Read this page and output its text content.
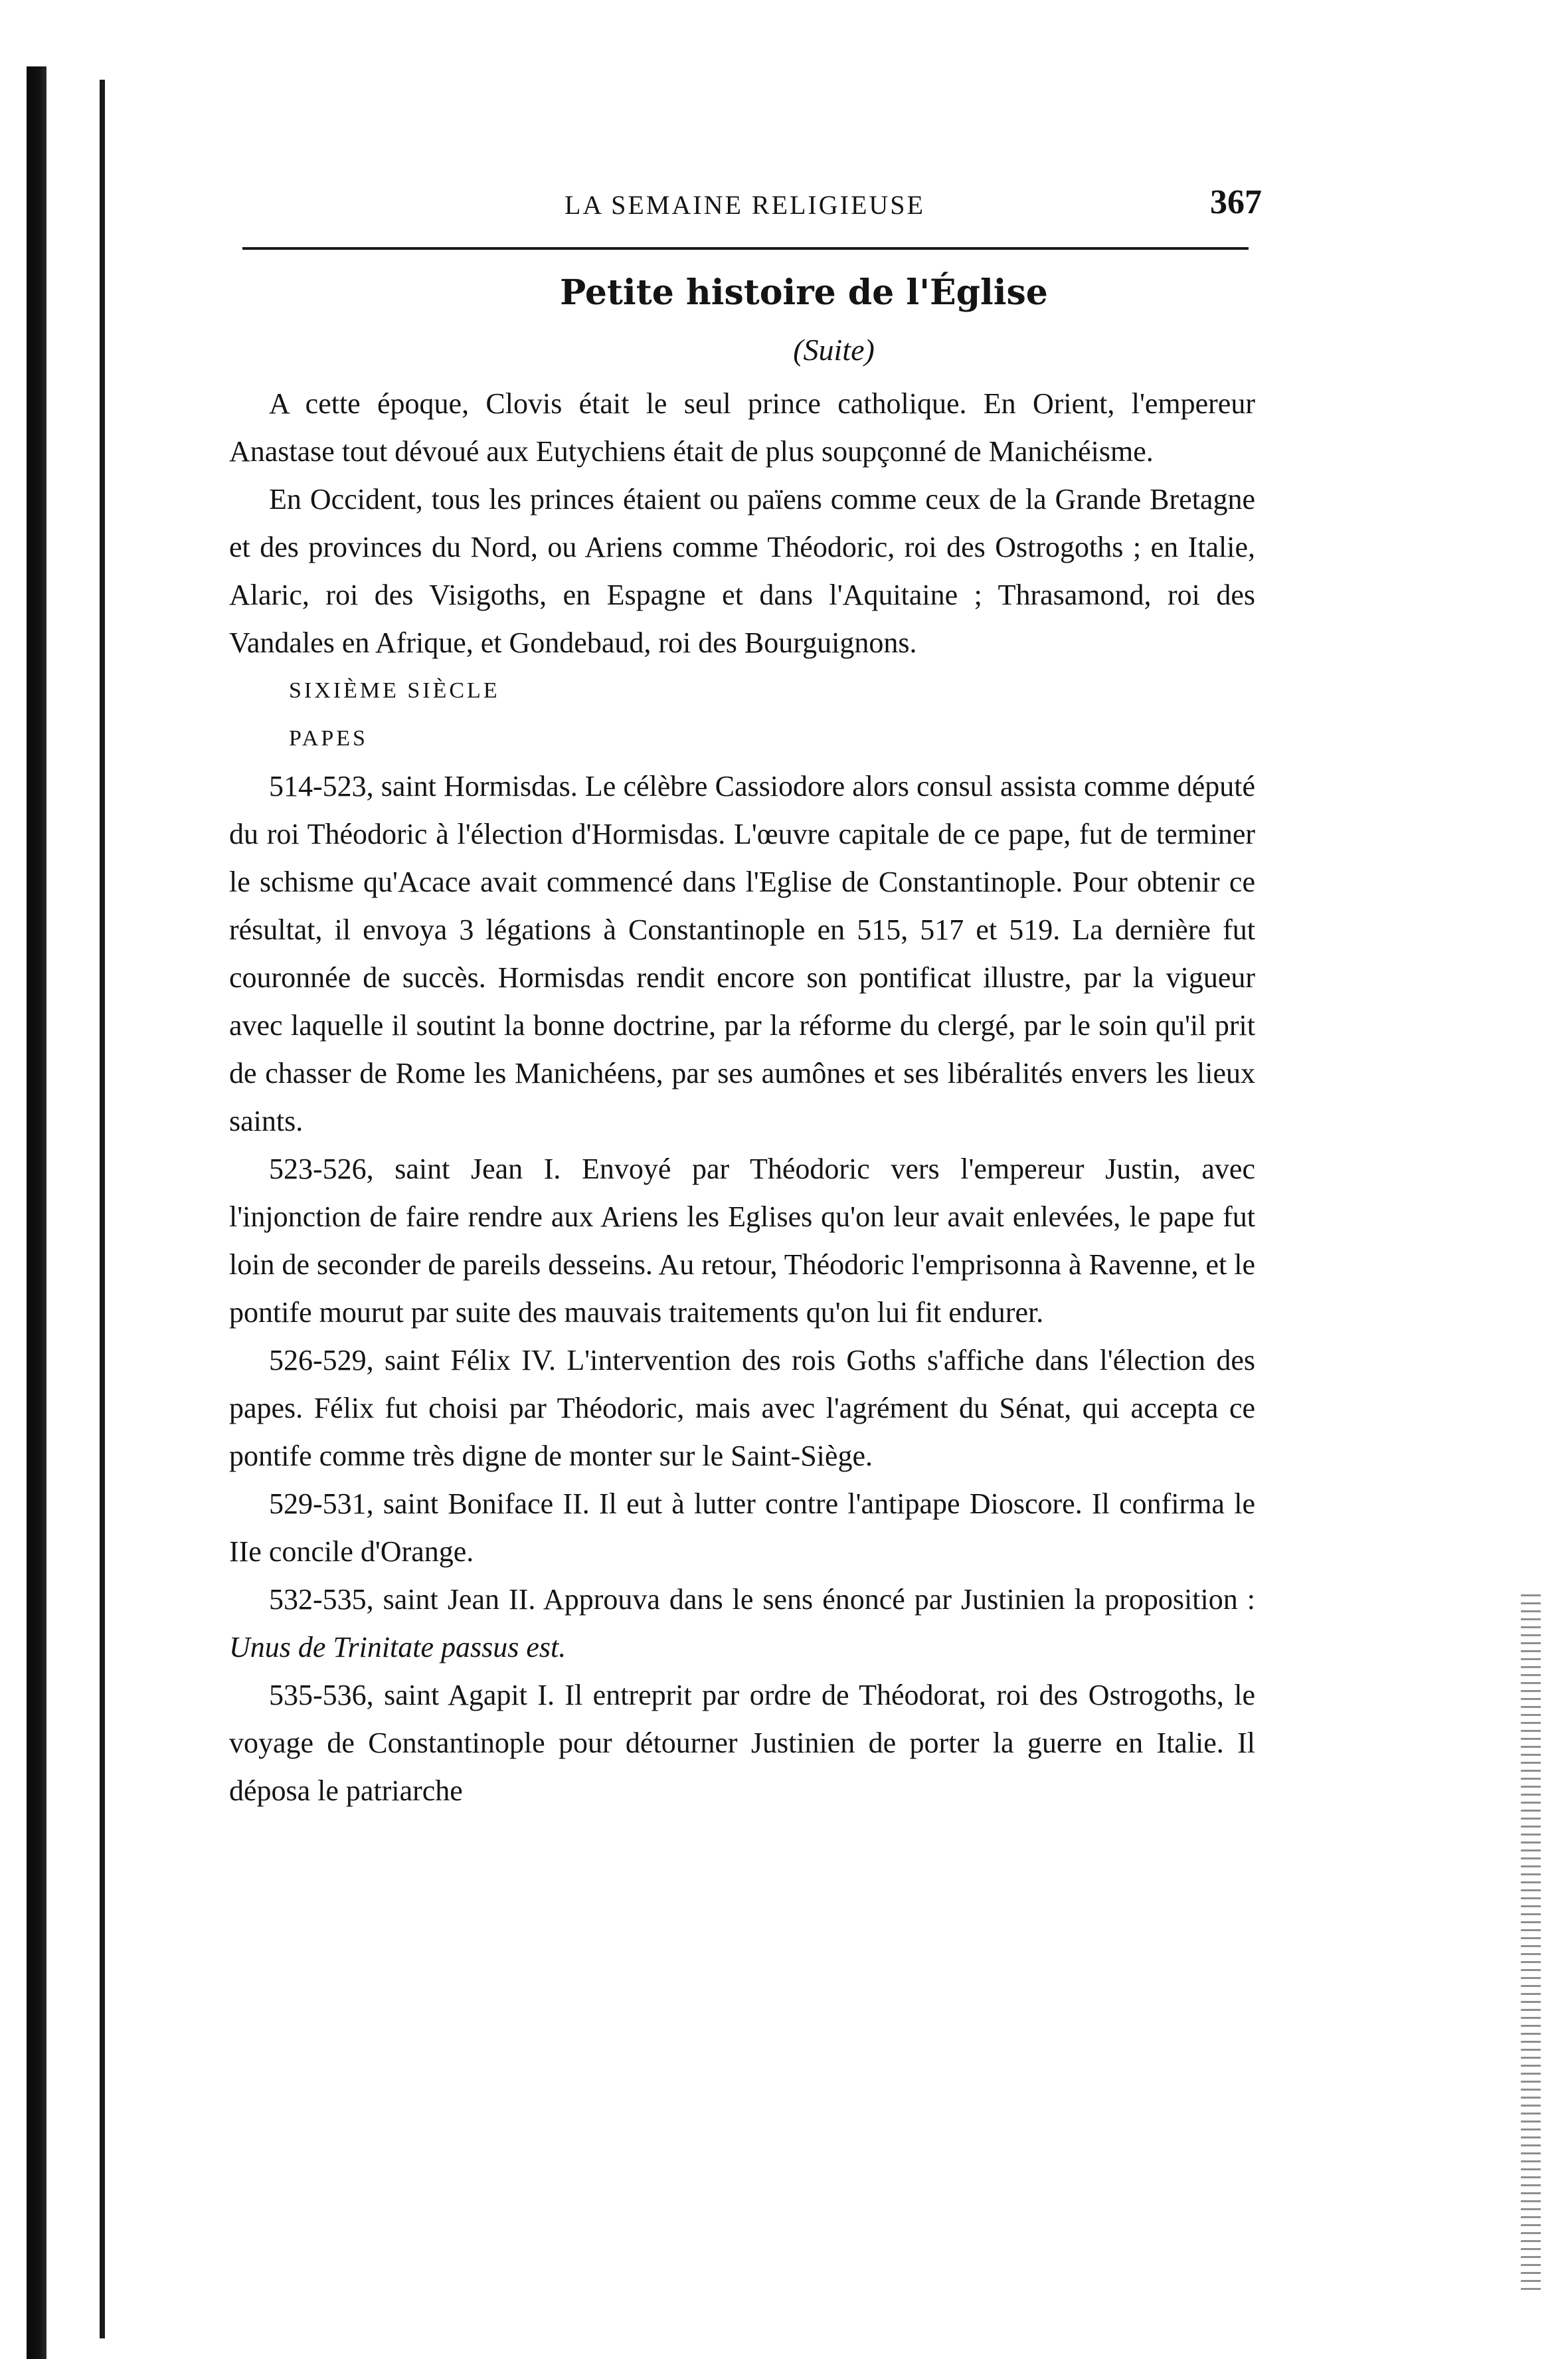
LA SEMAINE RELIGIEUSE	367
Petite histoire de l'Église
(Suite)

A cette époque, Clovis était le seul prince catholique. En Orient, l'empereur Anastase tout dévoué aux Eutychiens était de plus soupçonné de Manichéisme.

En Occident, tous les princes étaient ou païens comme ceux de la Grande Bretagne et des provinces du Nord, ou Ariens comme Théodoric, roi des Ostrogoths ; en Italie, Alaric, roi des Visigoths, en Espagne et dans l'Aquitaine ; Thrasamond, roi des Vandales en Afrique, et Gondebaud, roi des Bourguignons.

SIXIÈME SIÈCLE

PAPES

514-523, saint Hormisdas. Le célèbre Cassiodore alors consul assista comme député du roi Théodoric à l'élection d'Hormisdas. L'œuvre capitale de ce pape, fut de terminer le schisme qu'Acace avait commencé dans l'Eglise de Constantinople. Pour obtenir ce résultat, il envoya 3 légations à Constantinople en 515, 517 et 519. La dernière fut couronnée de succès. Hormisdas rendit encore son pontificat illustre, par la vigueur avec laquelle il soutint la bonne doctrine, par la réforme du clergé, par le soin qu'il prit de chasser de Rome les Manichéens, par ses aumônes et ses libéralités envers les lieux saints.

523-526, saint Jean I. Envoyé par Théodoric vers l'empereur Justin, avec l'injonction de faire rendre aux Ariens les Eglises qu'on leur avait enlevées, le pape fut loin de seconder de pareils desseins. Au retour, Théodoric l'emprisonna à Ravenne, et le pontife mourut par suite des mauvais traitements qu'on lui fit endurer.

526-529, saint Félix IV. L'intervention des rois Goths s'affiche dans l'élection des papes. Félix fut choisi par Théodoric, mais avec l'agrément du Sénat, qui accepta ce pontife comme très digne de monter sur le Saint-Siège.

529-531, saint Boniface II. Il eut à lutter contre l'antipape Dioscore. Il confirma le IIe concile d'Orange.

532-535, saint Jean II. Approuva dans le sens énoncé par Justinien la proposition : Unus de Trinitate passus est.

535-536, saint Agapit I. Il entreprit par ordre de Théodorat, roi des Ostrogoths, le voyage de Constantinople pour détourner Justinien de porter la guerre en Italie. Il déposa le patriarche
